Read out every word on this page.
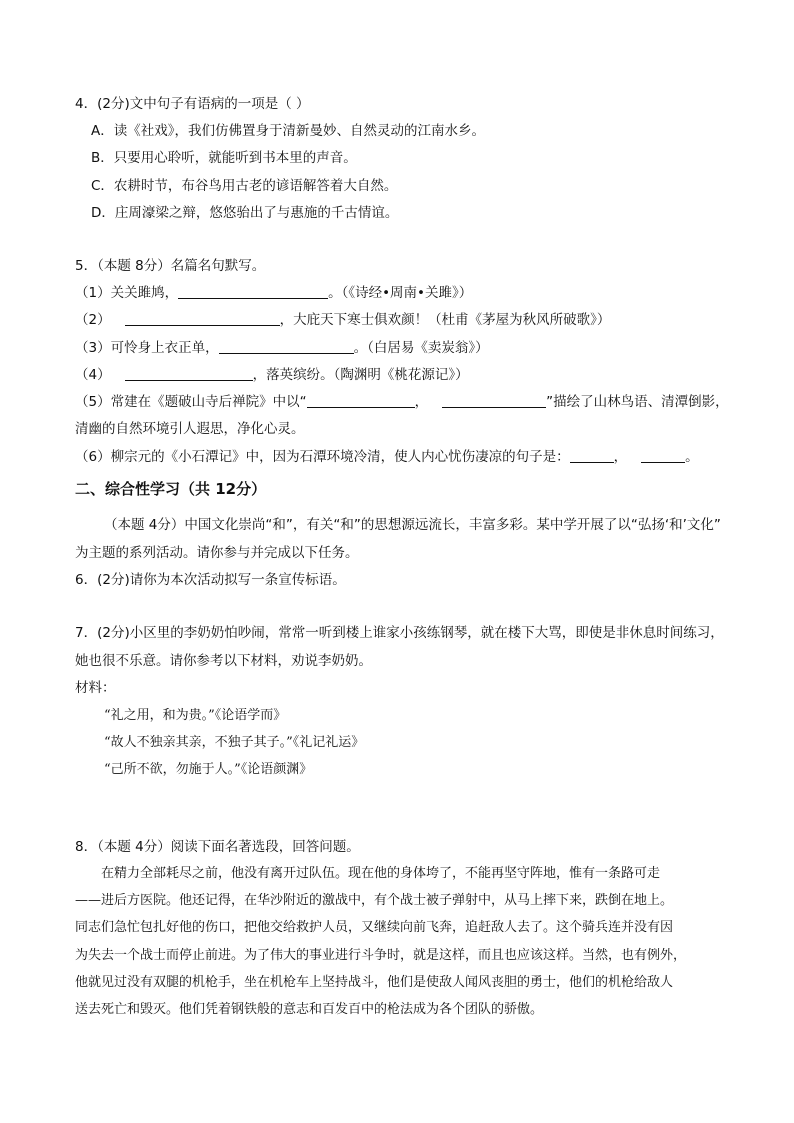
4．(2分)文中句子有语病的一项是（ ）
A．读《社戏》，我们仿佛置身于清新曼妙、自然灵动的江南水乡。
B．只要用心聆听，就能听到书本里的声音。
C．农耕时节，布谷鸟用古老的谚语解答着大自然。
D．庄周濠梁之辩，悠悠骀出了与惠施的千古情谊。
5．（本题 8分）名篇名句默写。
（1）关关雎鸠，	。（《诗经•周南•关雎》）
（2）	，大庇天下寒士俱欢颜！（杜甫《茅屋为秋风所破歌》）
（3）可怜身上衣正单，	。（白居易《卖炭翁》）
（4）	，落英缤纷。（陶渊明《桃花源记》）
（5）常建在《题破山寺后禅院》中以“	，	”描绘了山林鸟语、清潭倒影，
清幽的自然环境引人遐思，净化心灵。
（6）柳宗元的《小石潭记》中，因为石潭环境冷清，使人内心忧伤凄凉的句子是：	，	。
二、综合性学习（共 12分）
（本题 4分）中国文化崇尚“和”，有关“和”的思想源远流长，丰富多彩。某中学开展了以“弘扬‘和’文化”
为主题的系列活动。请你参与并完成以下任务。
6．(2分)请你为本次活动拟写一条宣传标语。
7．(2分)小区里的李奶奶怕吵闹，常常一听到楼上谁家小孩练钢琴，就在楼下大骂，即使是非休息时间练习，
她也很不乐意。请你参考以下材料，劝说李奶奶。
材料：
“礼之用，和为贵。”《论语学而》
“故人不独亲其亲，不独子其子。”《礼记礼运》
“己所不欲，勿施于人。”《论语颜渊》
8．（本题 4分）阅读下面名著选段，回答问题。
在精力全部耗尽之前，他没有离开过队伍。现在他的身体垮了，不能再坚守阵地，惟有一条路可走
——进后方医院。他还记得，在华沙附近的激战中，有个战士被子弹射中，从马上摔下来，跌倒在地上。
同志们急忙包扎好他的伤口，把他交给救护人员，又继续向前飞奔，追赶敌人去了。这个骑兵连并没有因
为失去一个战士而停止前进。为了伟大的事业进行斗争时，就是这样，而且也应该这样。当然，也有例外，
他就见过没有双腿的机枪手，坐在机枪车上坚持战斗，他们是使敌人闻风丧胆的勇士，他们的机枪给敌人
送去死亡和毁灭。他们凭着钢铁般的意志和百发百中的枪法成为各个团队的骄傲。
